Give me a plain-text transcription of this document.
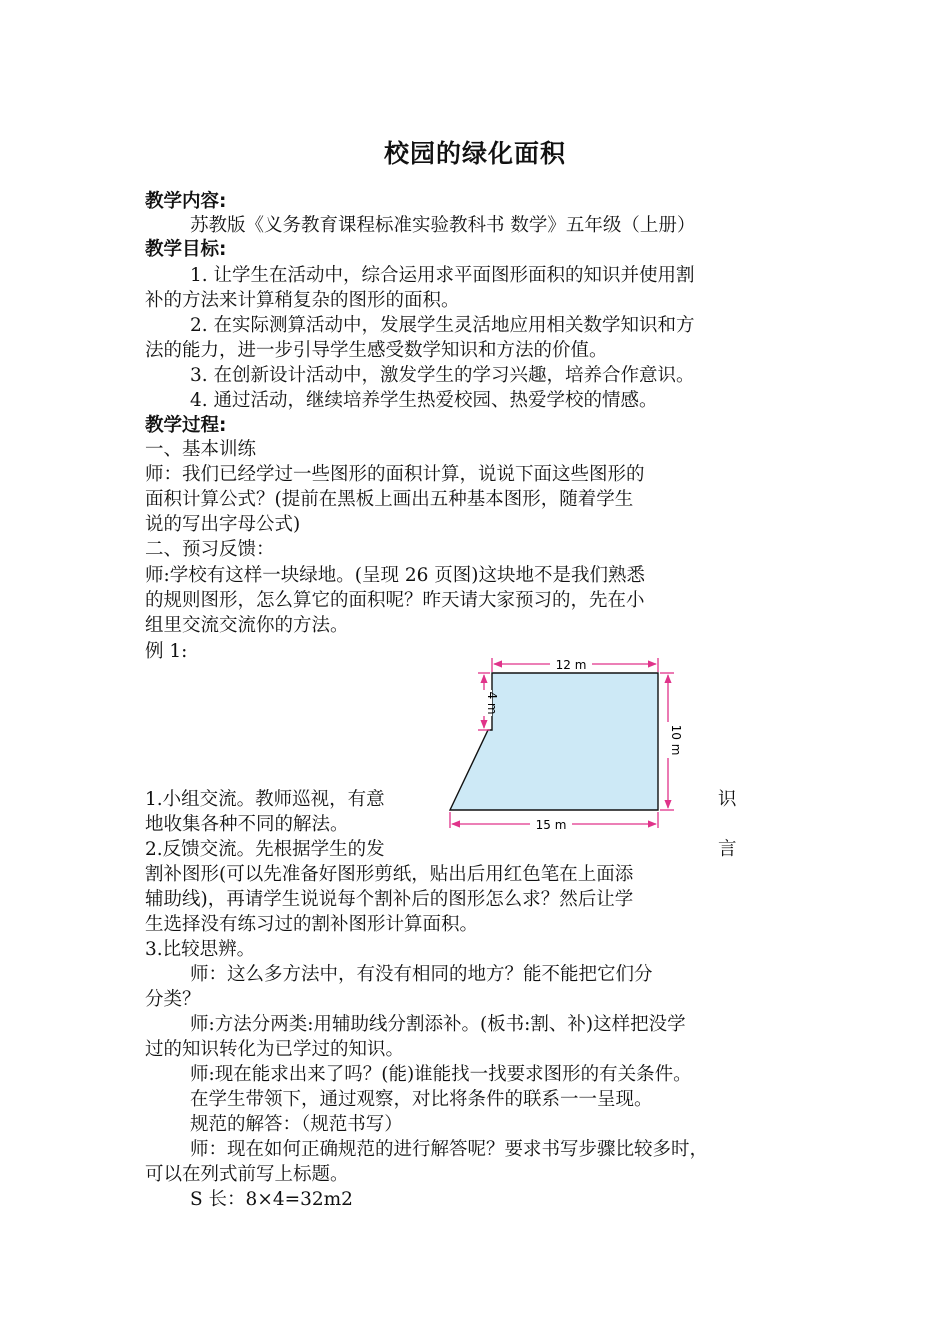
校园的绿化面积
教学内容:
苏教版《义务教育课程标准实验教科书 数学》五年级（上册）
教学目标:
1. 让学生在活动中，综合运用求平面图形面积的知识并使用割
补的方法来计算稍复杂的图形的面积。
2. 在实际测算活动中，发展学生灵活地应用相关数学知识和方
法的能力，进一步引导学生感受数学知识和方法的价值。
3. 在创新设计活动中，激发学生的学习兴趣，培养合作意识。
4. 通过活动，继续培养学生热爱校园、热爱学校的情感。
教学过程:
一、基本训练
师：我们已经学过一些图形的面积计算，说说下面这些图形的
面积计算公式？(提前在黑板上画出五种基本图形，随着学生
说的写出字母公式)
二、预习反馈：
师:学校有这样一块绿地。(呈现 26 页图)这块地不是我们熟悉
的规则图形，怎么算它的面积呢？昨天请大家预习的，先在小
组里交流交流你的方法。
例 1:
1.小组交流。教师巡视，有意	识
地收集各种不同的解法。
2.反馈交流。先根据学生的发	言
割补图形(可以先准备好图形剪纸，贴出后用红色笔在上面添
辅助线)，再请学生说说每个割补后的图形怎么求？然后让学
生选择没有练习过的割补图形计算面积。
3.比较思辨。
师：这么多方法中，有没有相同的地方？能不能把它们分
分类？
师:方法分两类:用辅助线分割添补。(板书:割、补)这样把没学
过的知识转化为已学过的知识。
师:现在能求出来了吗？(能)谁能找一找要求图形的有关条件。
在学生带领下，通过观察，对比将条件的联系一一呈现。
规范的解答：（规范书写）
师：现在如何正确规范的进行解答呢？要求书写步骤比较多时，
可以在列式前写上标题。
S 长：8×4=32m2
12 m
4 m
10 m
15 m
